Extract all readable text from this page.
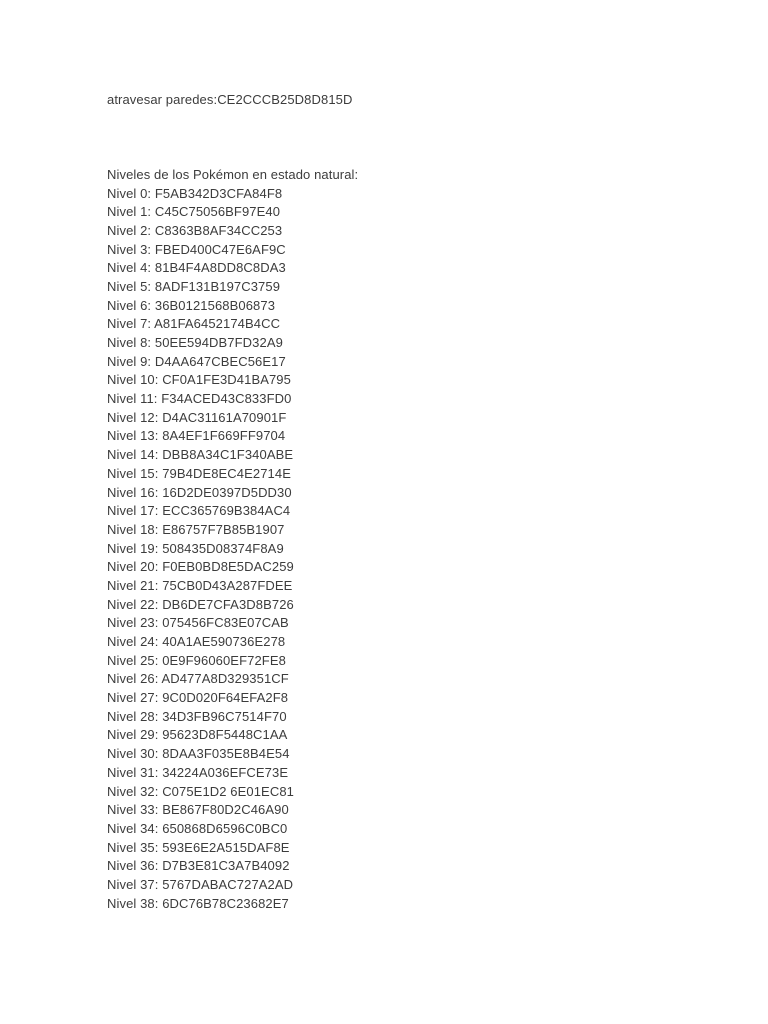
atravesar paredes:CE2CCCB25D8D815D
Niveles de los Pokémon en estado natural:
Nivel 0: F5AB342D3CFA84F8
Nivel 1: C45C75056BF97E40
Nivel 2: C8363B8AF34CC253
Nivel 3: FBED400C47E6AF9C
Nivel 4: 81B4F4A8DD8C8DA3
Nivel 5: 8ADF131B197C3759
Nivel 6: 36B0121568B06873
Nivel 7: A81FA6452174B4CC
Nivel 8: 50EE594DB7FD32A9
Nivel 9: D4AA647CBEC56E17
Nivel 10: CF0A1FE3D41BA795
Nivel 11: F34ACED43C833FD0
Nivel 12: D4AC31161A70901F
Nivel 13: 8A4EF1F669FF9704
Nivel 14: DBB8A34C1F340ABE
Nivel 15: 79B4DE8EC4E2714E
Nivel 16: 16D2DE0397D5DD30
Nivel 17: ECC365769B384AC4
Nivel 18: E86757F7B85B1907
Nivel 19: 508435D08374F8A9
Nivel 20: F0EB0BD8E5DAC259
Nivel 21: 75CB0D43A287FDEE
Nivel 22: DB6DE7CFA3D8B726
Nivel 23: 075456FC83E07CAB
Nivel 24: 40A1AE590736E278
Nivel 25: 0E9F96060EF72FE8
Nivel 26: AD477A8D329351CF
Nivel 27: 9C0D020F64EFA2F8
Nivel 28: 34D3FB96C7514F70
Nivel 29: 95623D8F5448C1AA
Nivel 30: 8DAA3F035E8B4E54
Nivel 31: 34224A036EFCE73E
Nivel 32: C075E1D2 6E01EC81
Nivel 33: BE867F80D2C46A90
Nivel 34: 650868D6596C0BC0
Nivel 35: 593E6E2A515DAF8E
Nivel 36: D7B3E81C3A7B4092
Nivel 37: 5767DABAC727A2AD
Nivel 38: 6DC76B78C23682E7
